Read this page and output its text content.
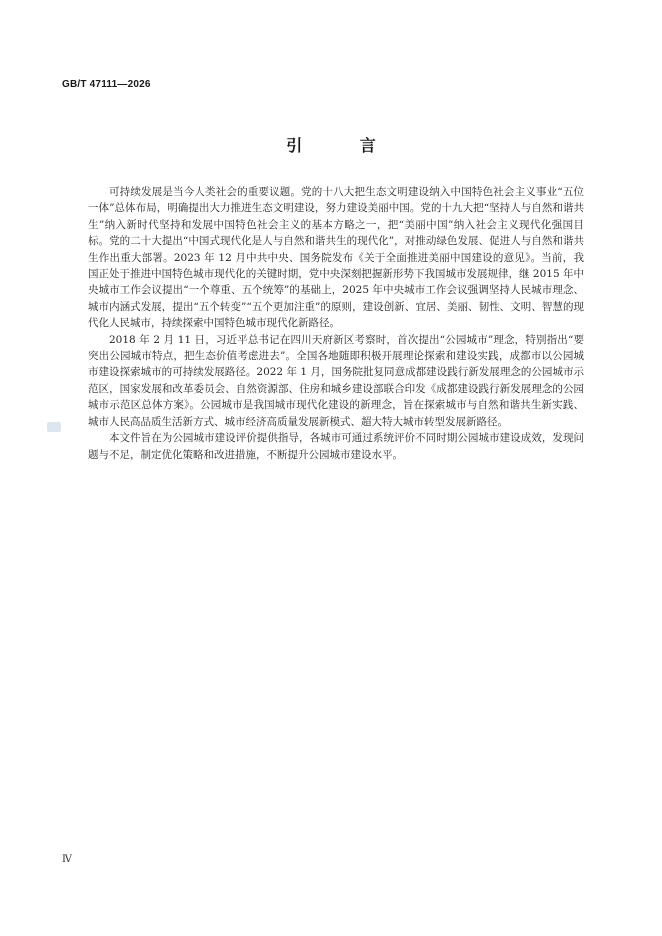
GB/T 47111—2026
引 言

可持续发展是当今人类社会的重要议题。党的十八大把生态文明建设纳入中国特色社会主义事业“五位一体”总体布局，明确提出大力推进生态文明建设，努力建设美丽中国。党的十九大把“坚持人与自然和谐共生”纳入新时代坚持和发展中国特色社会主义的基本方略之一，把“美丽中国”纳入社会主义现代化强国目标。党的二十大提出“中国式现代化是人与自然和谐共生的现代化”，对推动绿色发展、促进人与自然和谐共生作出重大部署。2023 年 12 月中共中央、国务院发布《关于全面推进美丽中国建设的意见》。当前，我国正处于推进中国特色城市现代化的关键时期，党中央深刻把握新形势下我国城市发展规律，继 2015 年中央城市工作会议提出“一个尊重、五个统筹”的基础上，2025 年中央城市工作会议强调坚持人民城市理念、城市内涵式发展，提出“五个转变”“五个更加注重”的原则，建设创新、宜居、美丽、韧性、文明、智慧的现代化人民城市，持续探索中国特色城市现代化新路径。

2018 年 2 月 11 日，习近平总书记在四川天府新区考察时，首次提出“公园城市”理念，特别指出“要突出公园城市特点，把生态价值考虑进去”。全国各地随即积极开展理论探索和建设实践，成都市以公园城市建设探索城市的可持续发展路径。2022 年 1 月，国务院批复同意成都建设践行新发展理念的公园城市示范区，国家发展和改革委员会、自然资源部、住房和城乡建设部联合印发《成都建设践行新发展理念的公园城市示范区总体方案》。公园城市是我国城市现代化建设的新理念，旨在探索城市与自然和谐共生新实践、城市人民高品质生活新方式、城市经济高质量发展新模式、超大特大城市转型发展新路径。

本文件旨在为公园城市建设评价提供指导，各城市可通过系统评价不同时期公园城市建设成效，发现问题与不足，制定优化策略和改进措施，不断提升公园城市建设水平。

Ⅳ
